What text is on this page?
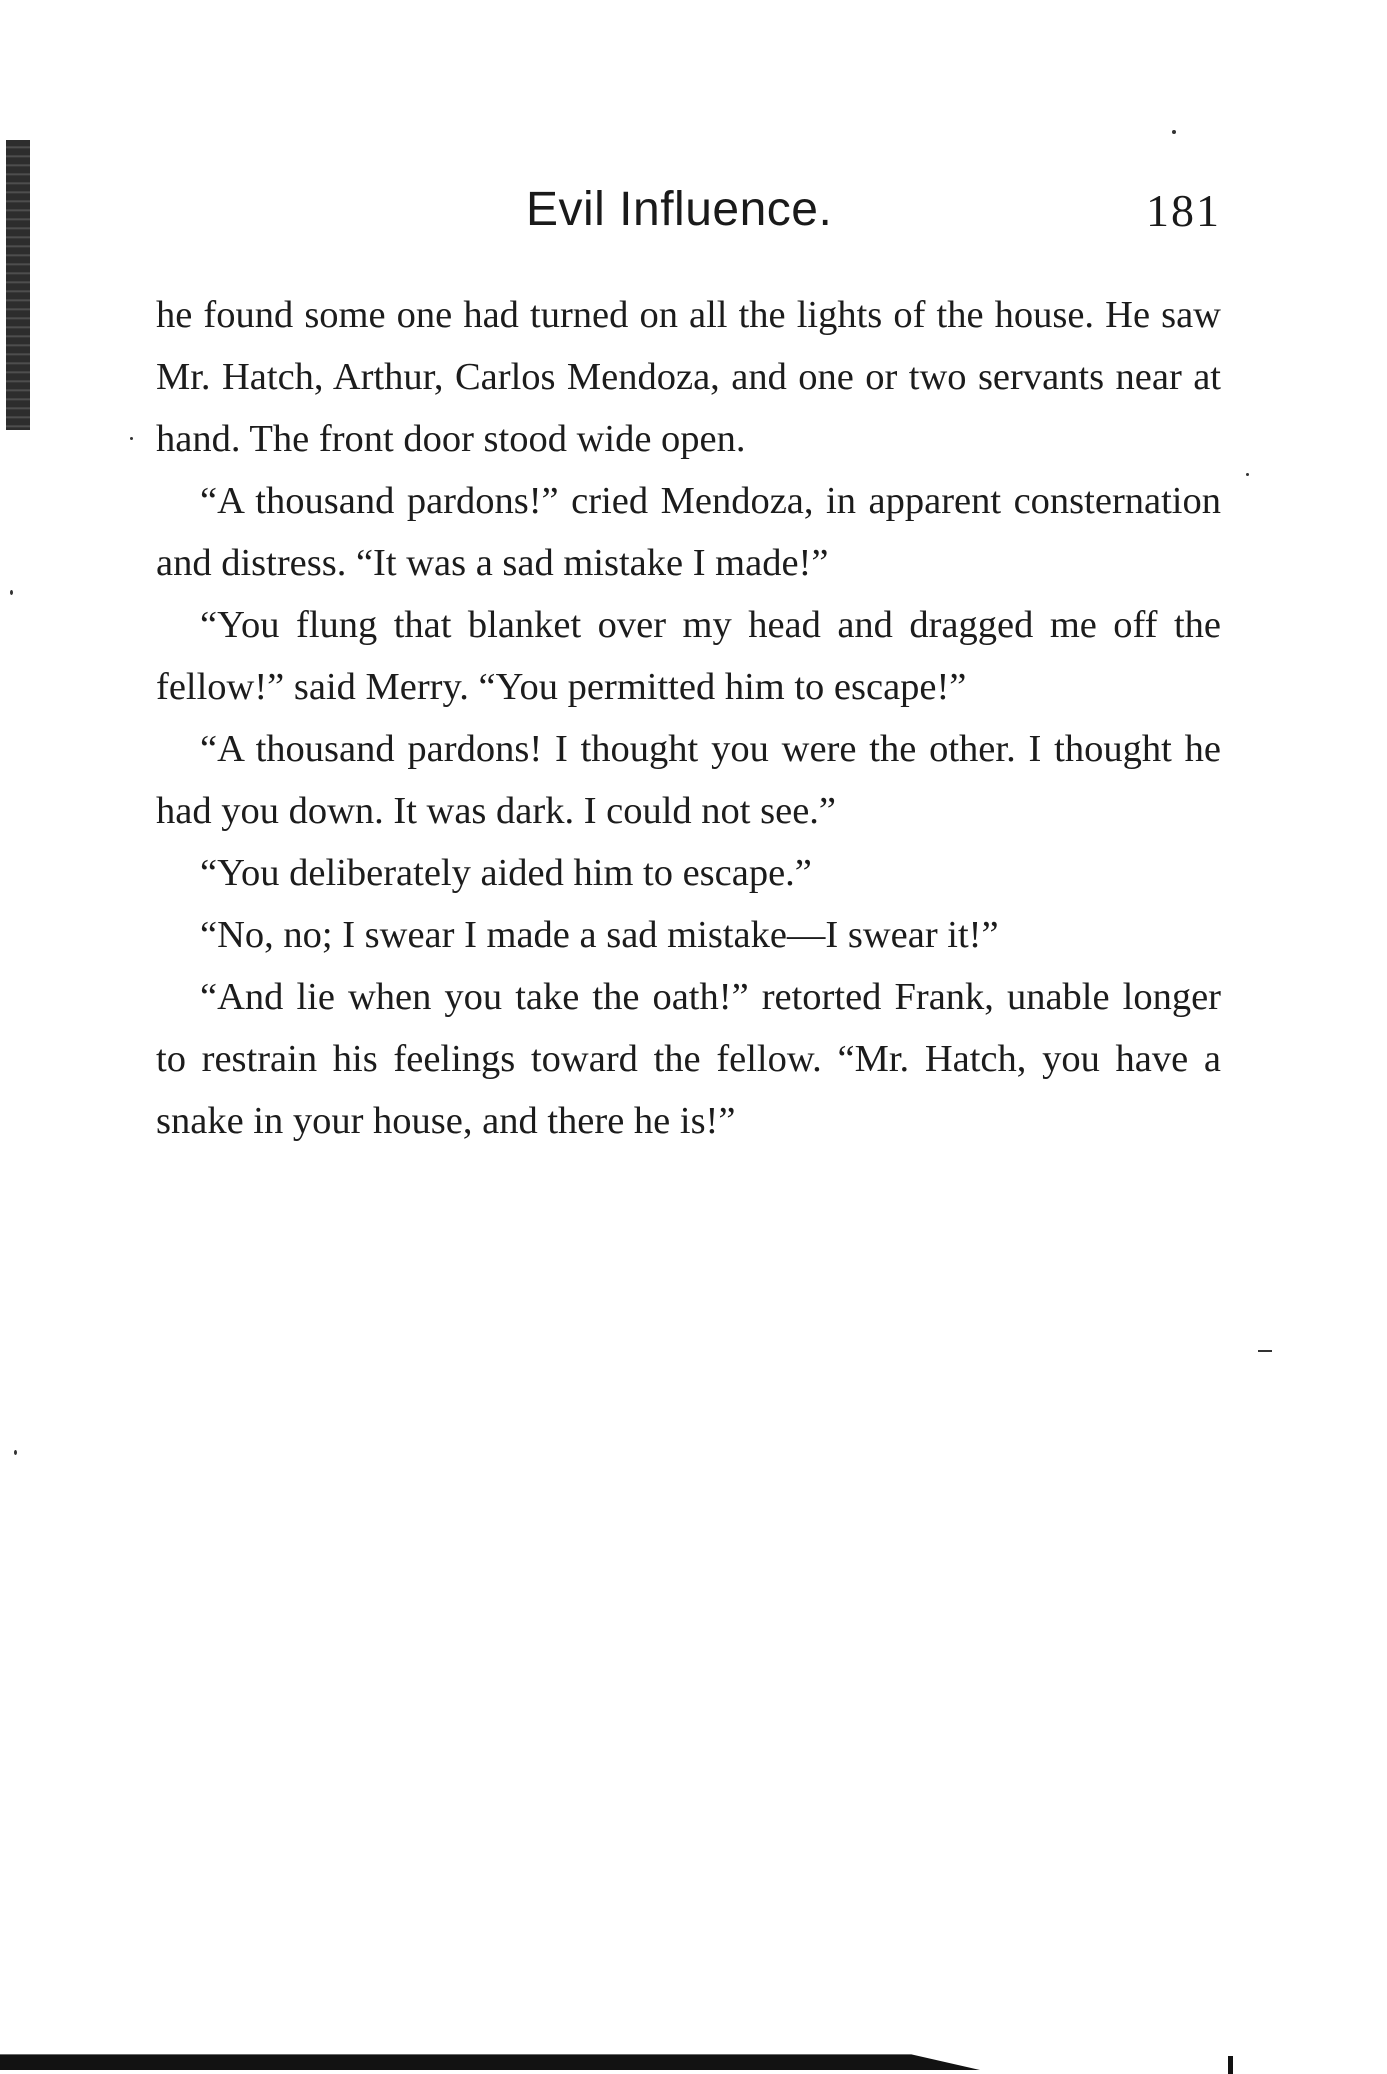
Evil Influence.	181

he found some one had turned on all the lights of the house. He saw Mr. Hatch, Arthur, Carlos Mendoza, and one or two servants near at hand. The front door stood wide open.

“A thousand pardons!” cried Mendoza, in apparent consternation and distress. “It was a sad mistake I made!”

“You flung that blanket over my head and dragged me off the fellow!” said Merry. “You permitted him to escape!”

“A thousand pardons! I thought you were the other. I thought he had you down. It was dark. I could not see.”

“You deliberately aided him to escape.”

“No, no; I swear I made a sad mistake—I swear it!”

“And lie when you take the oath!” retorted Frank, unable longer to restrain his feelings toward the fellow. “Mr. Hatch, you have a snake in your house, and there he is!”
